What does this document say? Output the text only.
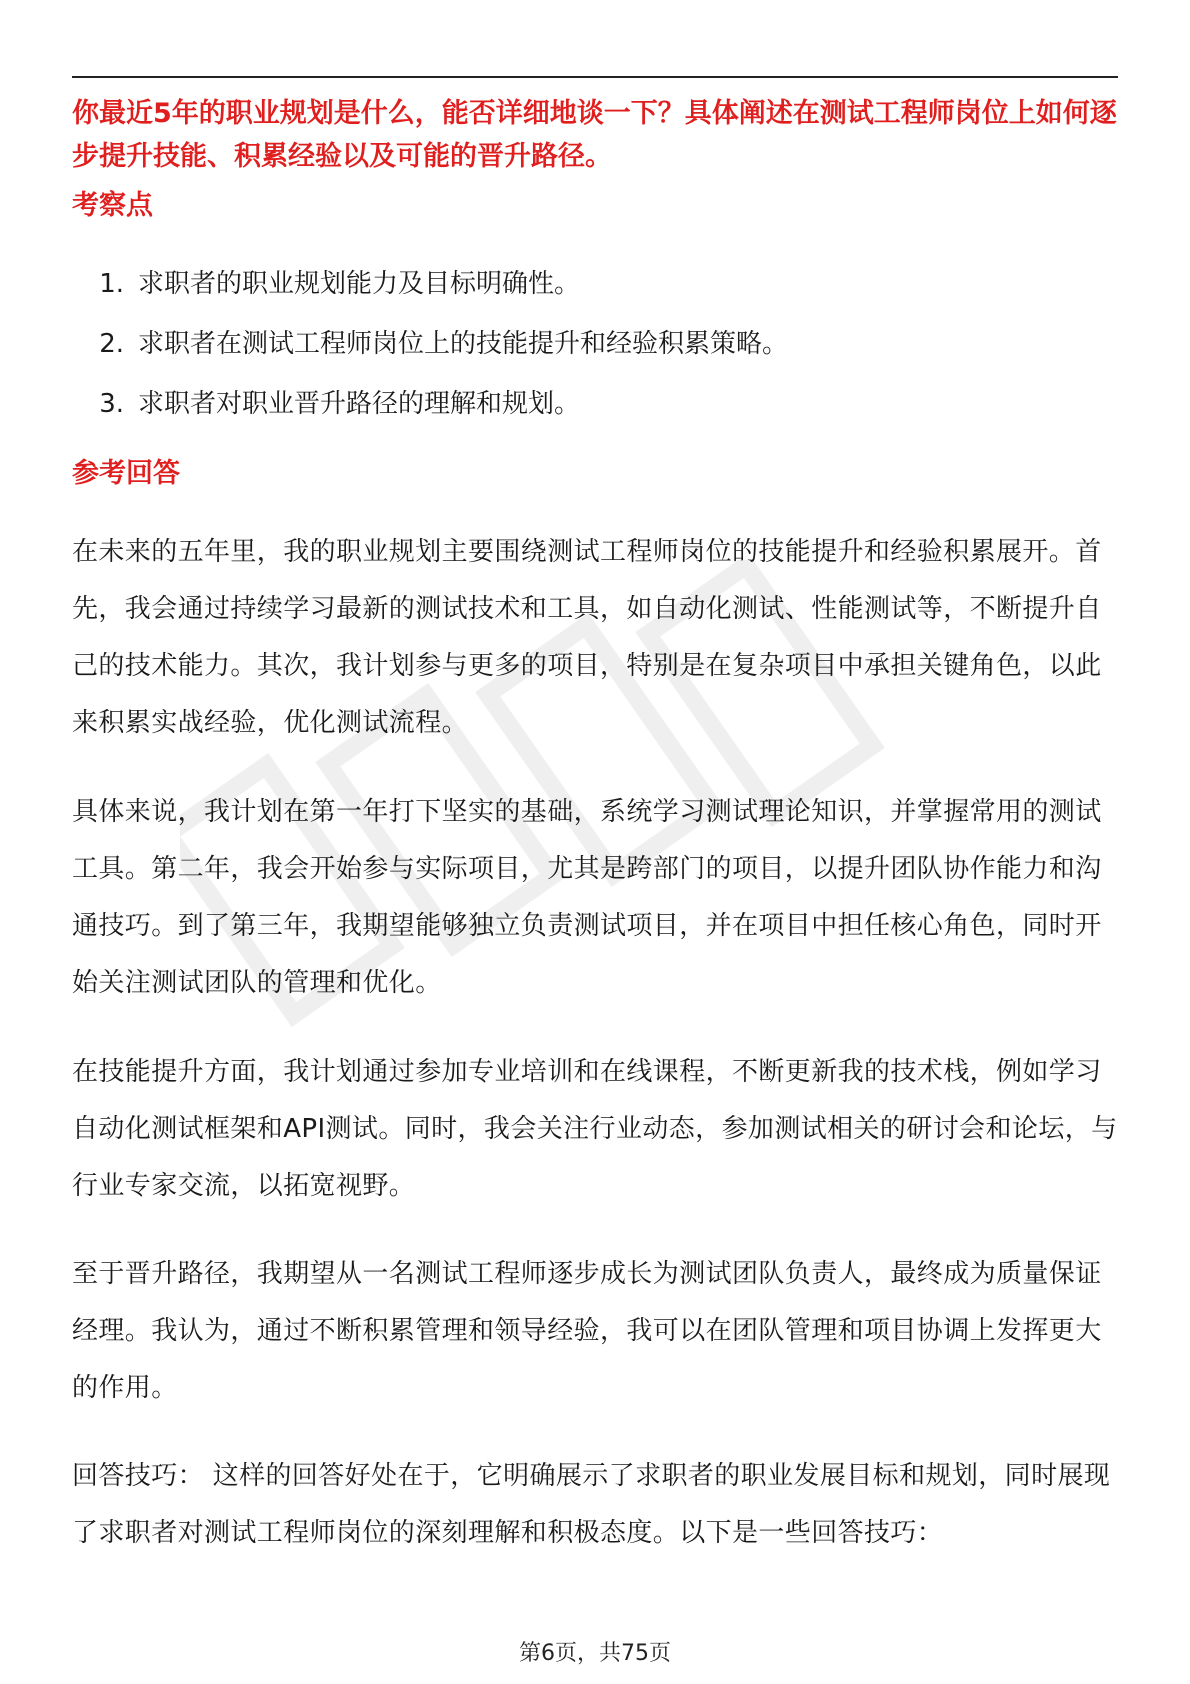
你最近5年的职业规划是什么，能否详细地谈一下？具体阐述在测试工程师岗位上如何逐步提升技能、积累经验以及可能的晋升路径。

考察点

1. 求职者的职业规划能力及目标明确性。
2. 求职者在测试工程师岗位上的技能提升和经验积累策略。
3. 求职者对职业晋升路径的理解和规划。

参考回答

在未来的五年里，我的职业规划主要围绕测试工程师岗位的技能提升和经验积累展开。首先，我会通过持续学习最新的测试技术和工具，如自动化测试、性能测试等，不断提升自己的技术能力。其次，我计划参与更多的项目，特别是在复杂项目中承担关键角色，以此来积累实战经验，优化测试流程。

具体来说，我计划在第一年打下坚实的基础，系统学习测试理论知识，并掌握常用的测试工具。第二年，我会开始参与实际项目，尤其是跨部门的项目，以提升团队协作能力和沟通技巧。到了第三年，我期望能够独立负责测试项目，并在项目中担任核心角色，同时开始关注测试团队的管理和优化。

在技能提升方面，我计划通过参加专业培训和在线课程，不断更新我的技术栈，例如学习自动化测试框架和API测试。同时，我会关注行业动态，参加测试相关的研讨会和论坛，与行业专家交流，以拓宽视野。

至于晋升路径，我期望从一名测试工程师逐步成长为测试团队负责人，最终成为质量保证经理。我认为，通过不断积累管理和领导经验，我可以在团队管理和项目协调上发挥更大的作用。

回答技巧： 这样的回答好处在于，它明确展示了求职者的职业发展目标和规划，同时展现了求职者对测试工程师岗位的深刻理解和积极态度。以下是一些回答技巧：

第6页，共75页
